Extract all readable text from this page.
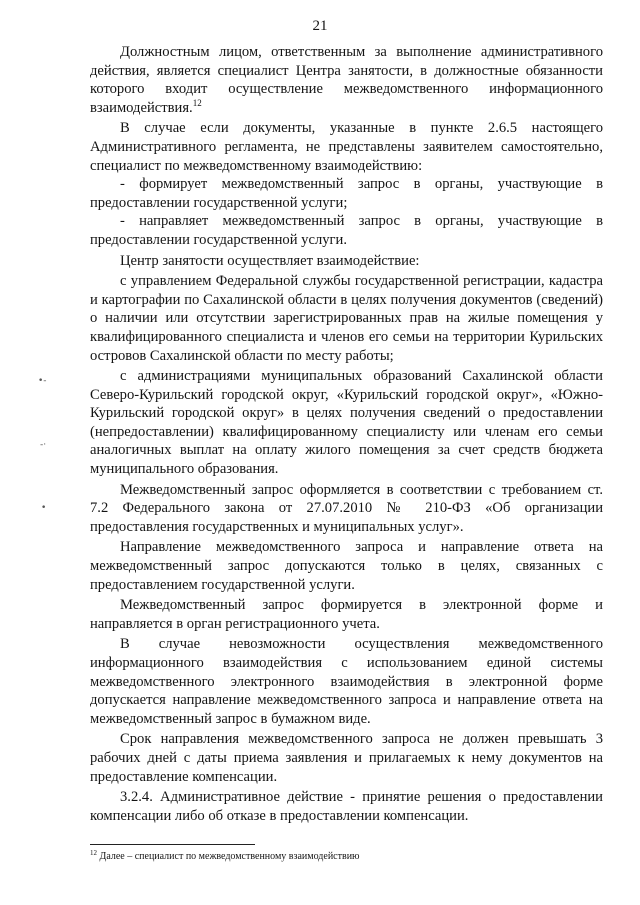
21

Должностным лицом, ответственным за выполнение административного действия, является специалист Центра занятости, в должностные обязанности которого входит осуществление межведомственного информационного взаимодействия.$^{12}$

В случае если документы, указанные в пункте 2.6.5 настоящего Административного регламента, не представлены заявителем самостоятельно, специалист по межведомственному взаимодействию:

- формирует межведомственный запрос в органы, участвующие в предоставлении государственной услуги;

- направляет межведомственный запрос в органы, участвующие в предоставлении государственной услуги.

Центр занятости осуществляет взаимодействие:

с управлением Федеральной службы государственной регистрации, кадастра и картографии по Сахалинской области в целях получения документов (сведений) о наличии или отсутствии зарегистрированных прав на жилые помещения у квалифицированного специалиста и членов его семьи на территории Курильских островов Сахалинской области по месту работы;

с администрациями муниципальных образований Сахалинской области Северо-Курильский городской округ, «Курильский городской округ», «Южно-Курильский городской округ» в целях получения сведений о предоставлении (непредоставлении) квалифицированному специалисту или членам его семьи аналогичных выплат на оплату жилого помещения за счет средств бюджета муниципального образования.

Межведомственный запрос оформляется в соответствии с требованием ст. 7.2 Федерального закона от 27.07.2010 № 210-ФЗ «Об организации предоставления государственных и муниципальных услуг».

Направление межведомственного запроса и направление ответа на межведомственный запрос допускаются только в целях, связанных с предоставлением государственной услуги.

Межведомственный запрос формируется в электронной форме и направляется в орган регистрационного учета.

В случае невозможности осуществления межведомственного информационного взаимодействия с использованием единой системы межведомственного электронного взаимодействия в электронной форме допускается направление межведомственного запроса и направление ответа на межведомственный запрос в бумажном виде.

Срок направления межведомственного запроса не должен превышать 3 рабочих дней с даты приема заявления и прилагаемых к нему документов на предоставление компенсации.

3.2.4. Административное действие - принятие решения о предоставлении компенсации либо об отказе в предоставлении компенсации.

$^{12}$ Далее – специалист по межведомственному взаимодействию
•‐
‐·
•
